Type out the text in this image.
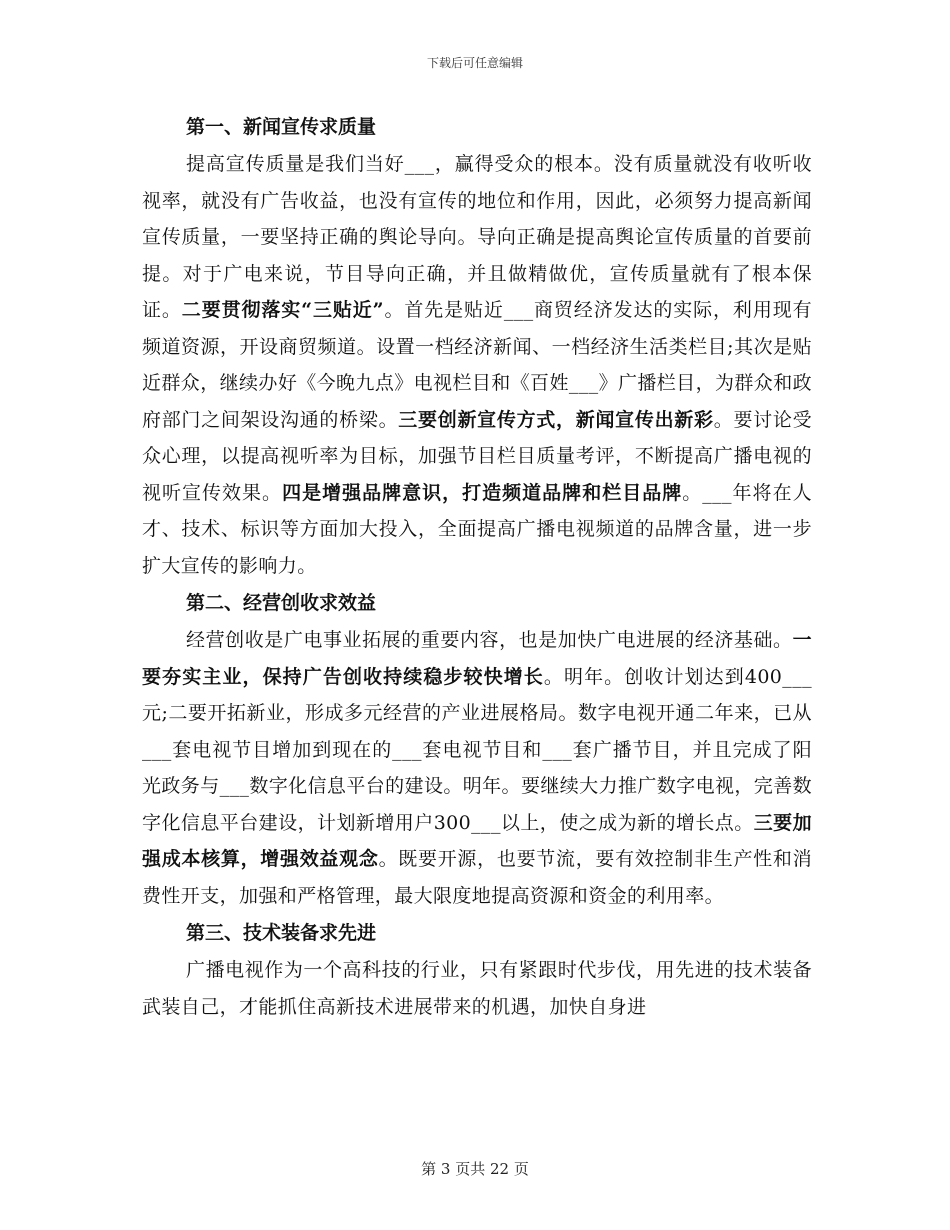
下载后可任意编辑
第一、新闻宣传求质量

提高宣传质量是我们当好___，赢得受众的根本。没有质量就没有收听收视率，就没有广告收益，也没有宣传的地位和作用，因此，必须努力提高新闻宣传质量，一要坚持正确的舆论导向。导向正确是提高舆论宣传质量的首要前提。对于广电来说，节目导向正确，并且做精做优，宣传质量就有了根本保证。二要贯彻落实“三贴近”。首先是贴近___商贸经济发达的实际，利用现有频道资源，开设商贸频道。设置一档经济新闻、一档经济生活类栏目;其次是贴近群众，继续办好《今晚九点》电视栏目和《百姓___》广播栏目，为群众和政府部门之间架设沟通的桥梁。三要创新宣传方式，新闻宣传出新彩。要讨论受众心理，以提高视听率为目标，加强节目栏目质量考评，不断提高广播电视的视听宣传效果。四是增强品牌意识，打造频道品牌和栏目品牌。___年将在人才、技术、标识等方面加大投入，全面提高广播电视频道的品牌含量，进一步扩大宣传的影响力。

第二、经营创收求效益

经营创收是广电事业拓展的重要内容，也是加快广电进展的经济基础。一要夯实主业，保持广告创收持续稳步较快增长。明年。创收计划达到400___元;二要开拓新业，形成多元经营的产业进展格局。数字电视开通二年来，已从___套电视节目增加到现在的___套电视节目和___套广播节目，并且完成了阳光政务与___数字化信息平台的建设。明年。要继续大力推广数字电视，完善数字化信息平台建设，计划新增用户300___以上，使之成为新的增长点。三要加强成本核算，增强效益观念。既要开源，也要节流，要有效控制非生产性和消费性开支，加强和严格管理，最大限度地提高资源和资金的利用率。

第三、技术装备求先进

广播电视作为一个高科技的行业，只有紧跟时代步伐，用先进的技术装备武装自己，才能抓住高新技术进展带来的机遇，加快自身进

第 3 页共 22 页
